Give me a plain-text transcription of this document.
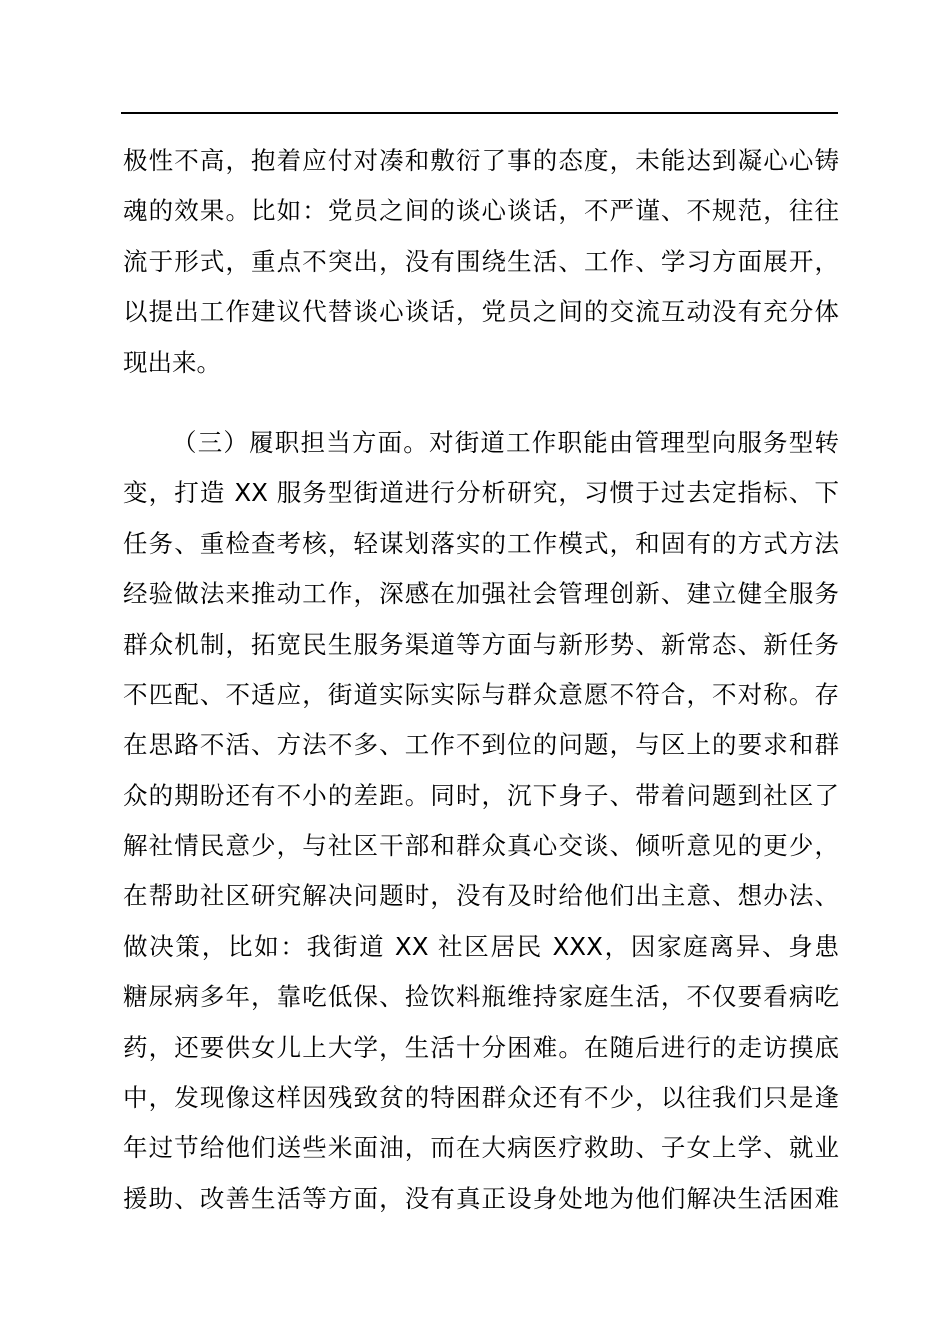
极性不高，抱着应付对凑和敷衍了事的态度，未能达到凝心心铸
魂的效果。比如：党员之间的谈心谈话，不严谨、不规范，往往
流于形式，重点不突出，没有围绕生活、工作、学习方面展开，
以提出工作建议代替谈心谈话，党员之间的交流互动没有充分体
现出来。
（三）履职担当方面。对街道工作职能由管理型向服务型转
变，打造 XX 服务型街道进行分析研究，习惯于过去定指标、下
任务、重检查考核，轻谋划落实的工作模式，和固有的方式方法
经验做法来推动工作，深感在加强社会管理创新、建立健全服务
群众机制，拓宽民生服务渠道等方面与新形势、新常态、新任务
不匹配、不适应，街道实际实际与群众意愿不符合，不对称。存
在思路不活、方法不多、工作不到位的问题，与区上的要求和群
众的期盼还有不小的差距。同时，沉下身子、带着问题到社区了
解社情民意少，与社区干部和群众真心交谈、倾听意见的更少，
在帮助社区研究解决问题时，没有及时给他们出主意、想办法、
做决策，比如：我街道 XX 社区居民 XXX，因家庭离异、身患
糖尿病多年，靠吃低保、捡饮料瓶维持家庭生活，不仅要看病吃
药，还要供女儿上大学，生活十分困难。在随后进行的走访摸底
中，发现像这样因残致贫的特困群众还有不少，以往我们只是逢
年过节给他们送些米面油，而在大病医疗救助、子女上学、就业
援助、改善生活等方面，没有真正设身处地为他们解决生活困难
